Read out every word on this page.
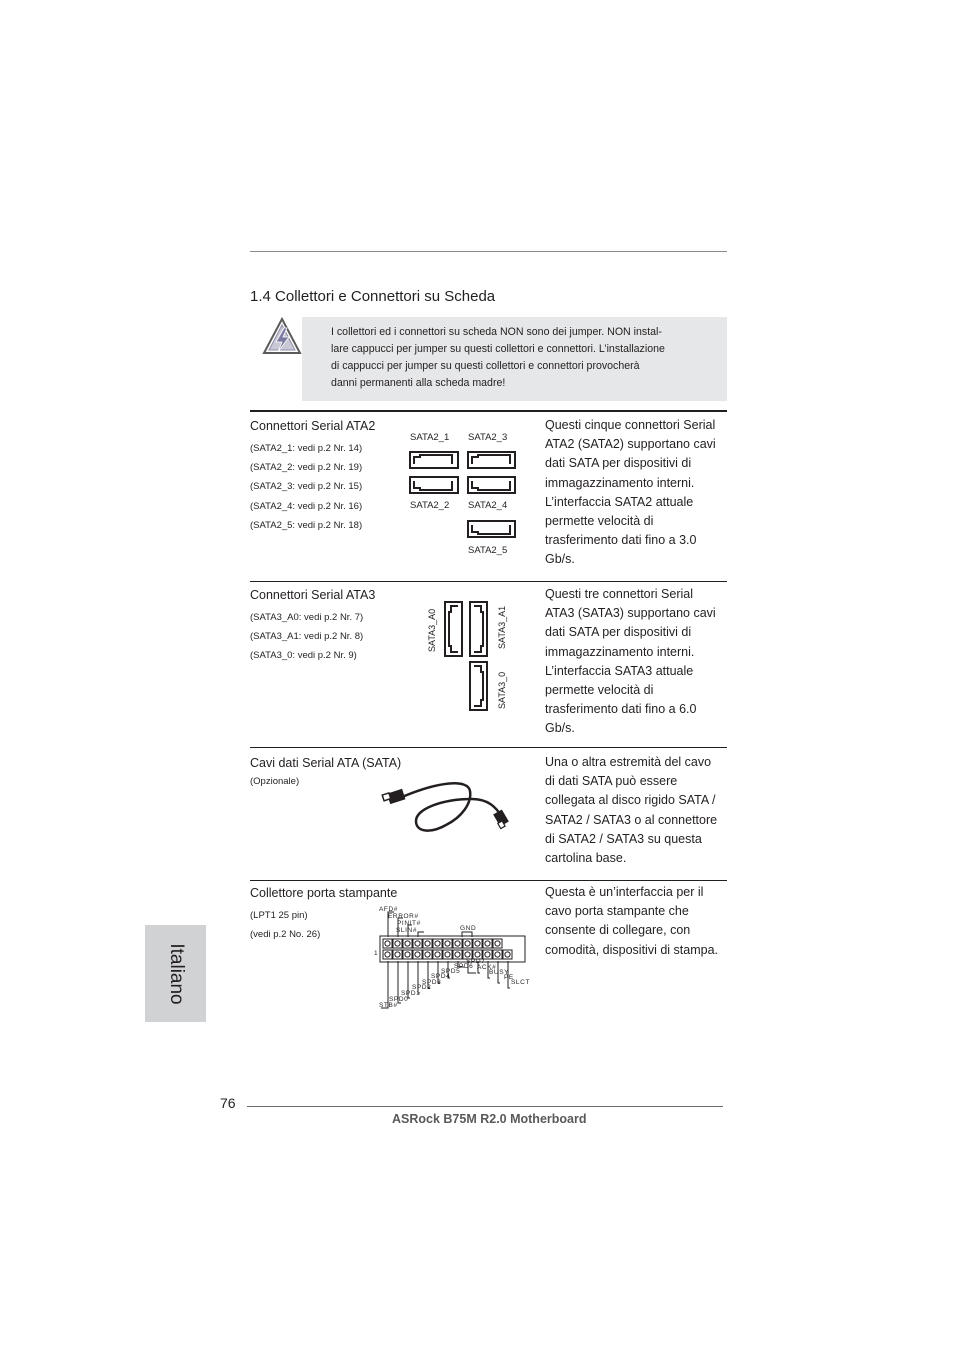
Italiano
1.4 Collettori e Connettori su Scheda
I collettori ed i connettori su scheda NON sono dei jumper. NON instal-
lare cappucci per jumper su questi collettori e connettori. L’installazione
di cappucci per jumper su questi collettori e connettori provocherà
danni permanenti alla scheda madre!
Connettori Serial ATA2
(SATA2_1: vedi p.2 Nr. 14)
(SATA2_2: vedi p.2 Nr. 19)
(SATA2_3: vedi p.2 Nr. 15)
(SATA2_4: vedi p.2 Nr. 16)
(SATA2_5: vedi p.2 Nr. 18)
SATA2_1 SATA2_3
SATA2_2 SATA2_4
SATA2_5
Questi cinque connettori Serial
ATA2 (SATA2) supportano cavi
dati SATA per dispositivi di
immagazzinamento interni.
L’interfaccia SATA2 attuale
permette velocità di
trasferimento dati fino a 3.0
Gb/s.
Connettori Serial ATA3
(SATA3_A0: vedi p.2 Nr. 7)
(SATA3_A1: vedi p.2 Nr. 8)
(SATA3_0: vedi p.2 Nr. 9)
SATA3_A0	SATA3_A1
SATA3_0
Questi tre connettori Serial
ATA3 (SATA3) supportano cavi
dati SATA per dispositivi di
immagazzinamento interni.
L’interfaccia SATA3 attuale
permette velocità di
trasferimento dati fino a 6.0
Gb/s.
Cavi dati Serial ATA (SATA)
(Opzionale)
Una o altra estremità del cavo
di dati SATA può essere
collegata al disco rigido SATA /
SATA2 / SATA3 o al connettore
di SATA2 / SATA3 su questa
cartolina base.
Collettore porta stampante
(LPT1 25 pin)
(vedi p.2 No. 26)
AFD#
ERROR#
PINIT#
SLIN#	GND
1
SPD7
SPD6 ACK#
SPD5	BUSY
SPD4	PE
SPD3	SLCT
SPD2
SPD1
SPD0
STB#
Questa è un’interfaccia per il
cavo porta stampante che
consente di collegare, con
comodità, dispositivi di stampa.
76
ASRock B75M R2.0 Motherboard
